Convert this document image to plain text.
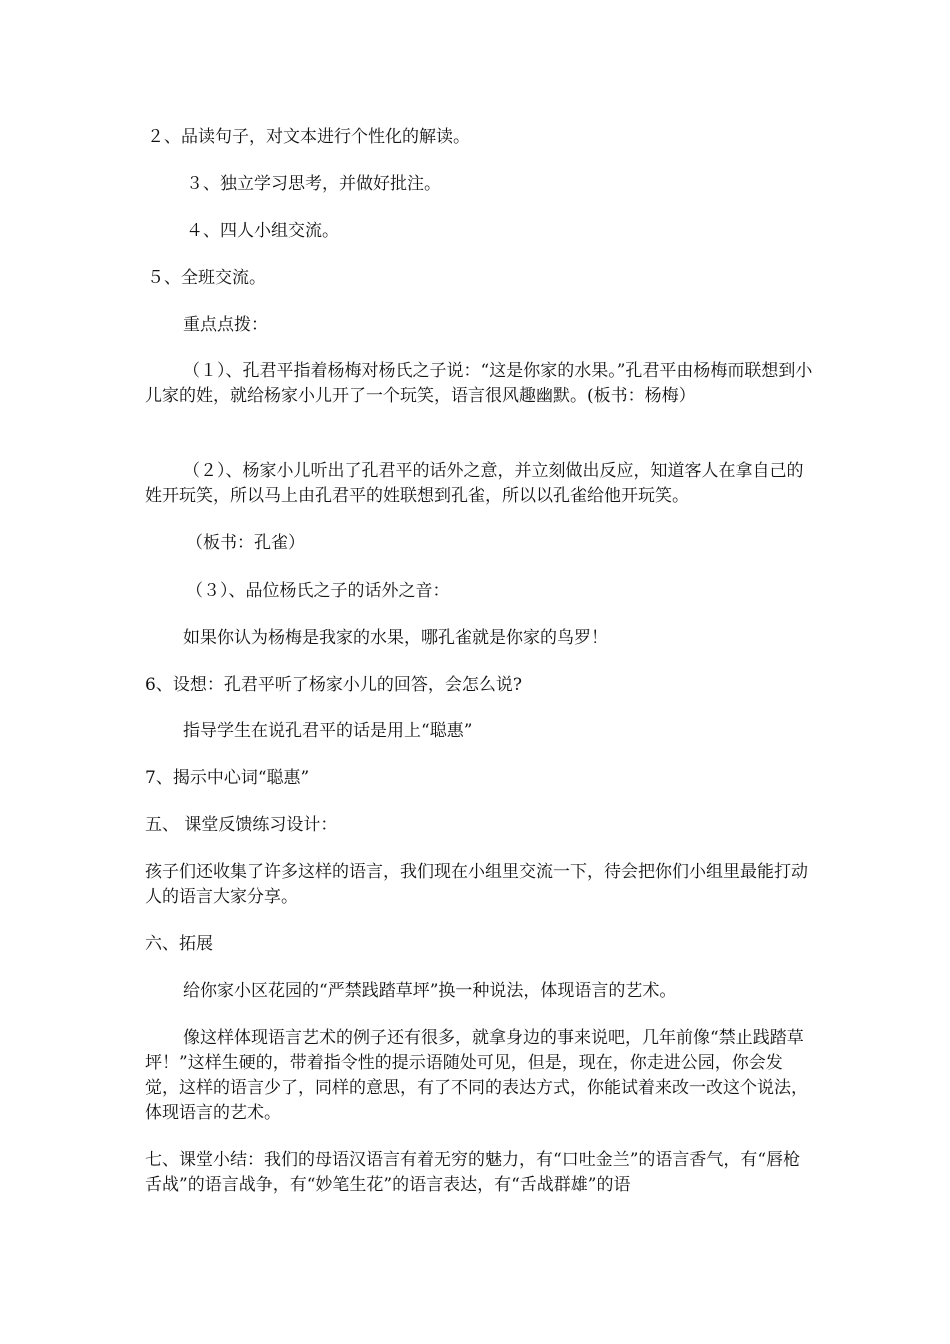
２、品读句子，对文本进行个性化的解读。

３、独立学习思考，并做好批注。

４、四人小组交流。

５、全班交流。

重点点拨：

（１）、孔君平指着杨梅对杨氏之子说：“这是你家的水果。”孔君平由杨梅而联想到小儿家的姓，就给杨家小儿开了一个玩笑，语言很风趣幽默。(板书：杨梅）

（２）、杨家小儿听出了孔君平的话外之意，并立刻做出反应，知道客人在拿自己的姓开玩笑，所以马上由孔君平的姓联想到孔雀，所以以孔雀给他开玩笑。

（板书：孔雀）

（３）、品位杨氏之子的话外之音：

如果你认为杨梅是我家的水果，哪孔雀就是你家的鸟罗！

6、设想：孔君平听了杨家小儿的回答，会怎么说?

指导学生在说孔君平的话是用上“聪惠”

7、揭示中心词“聪惠”

五、 课堂反馈练习设计：

孩子们还收集了许多这样的语言，我们现在小组里交流一下，待会把你们小组里最能打动人的语言大家分享。

六、拓展

给你家小区花园的“严禁践踏草坪”换一种说法，体现语言的艺术。

像这样体现语言艺术的例子还有很多，就拿身边的事来说吧，几年前像“禁止践踏草坪！”这样生硬的，带着指令性的提示语随处可见，但是，现在，你走进公园，你会发觉，这样的语言少了，同样的意思，有了不同的表达方式，你能试着来改一改这个说法，体现语言的艺术。

七、课堂小结：我们的母语汉语言有着无穷的魅力，有“口吐金兰”的语言香气，有“唇枪舌战”的语言战争，有“妙笔生花”的语言表达，有“舌战群雄”的语
